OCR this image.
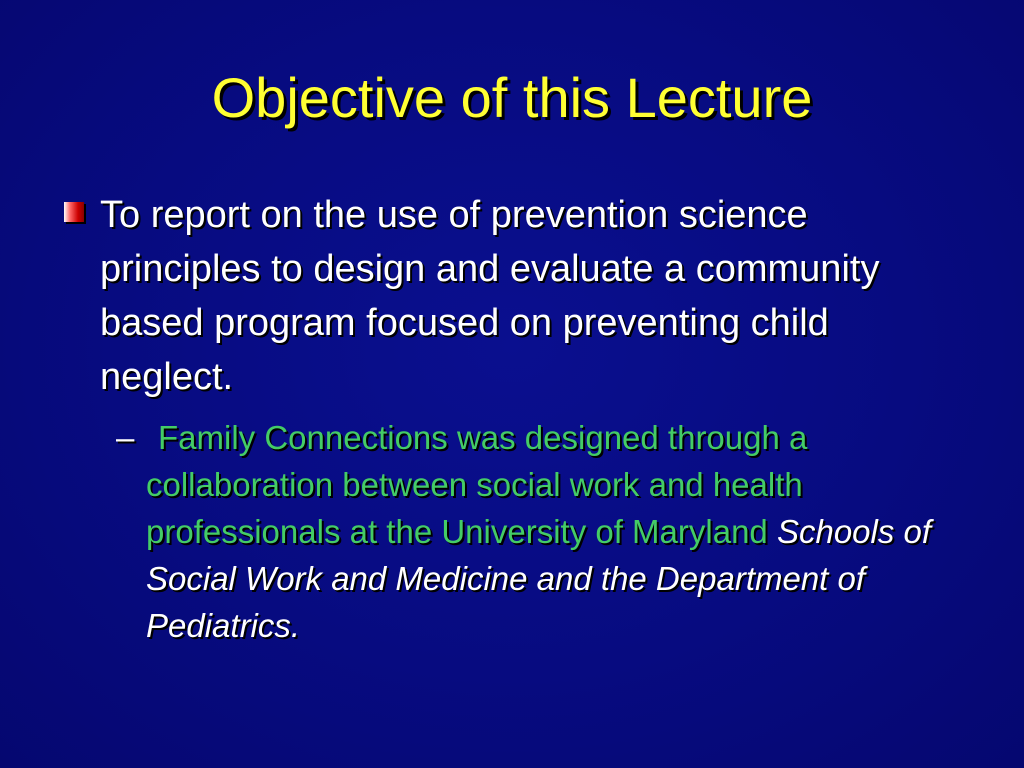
Objective of this Lecture
To report on the use of prevention science principles to design and evaluate a community based program focused on preventing child neglect.
– Family Connections was designed through a collaboration between social work and health professionals at the University of Maryland Schools of Social Work and Medicine and the Department of Pediatrics.
